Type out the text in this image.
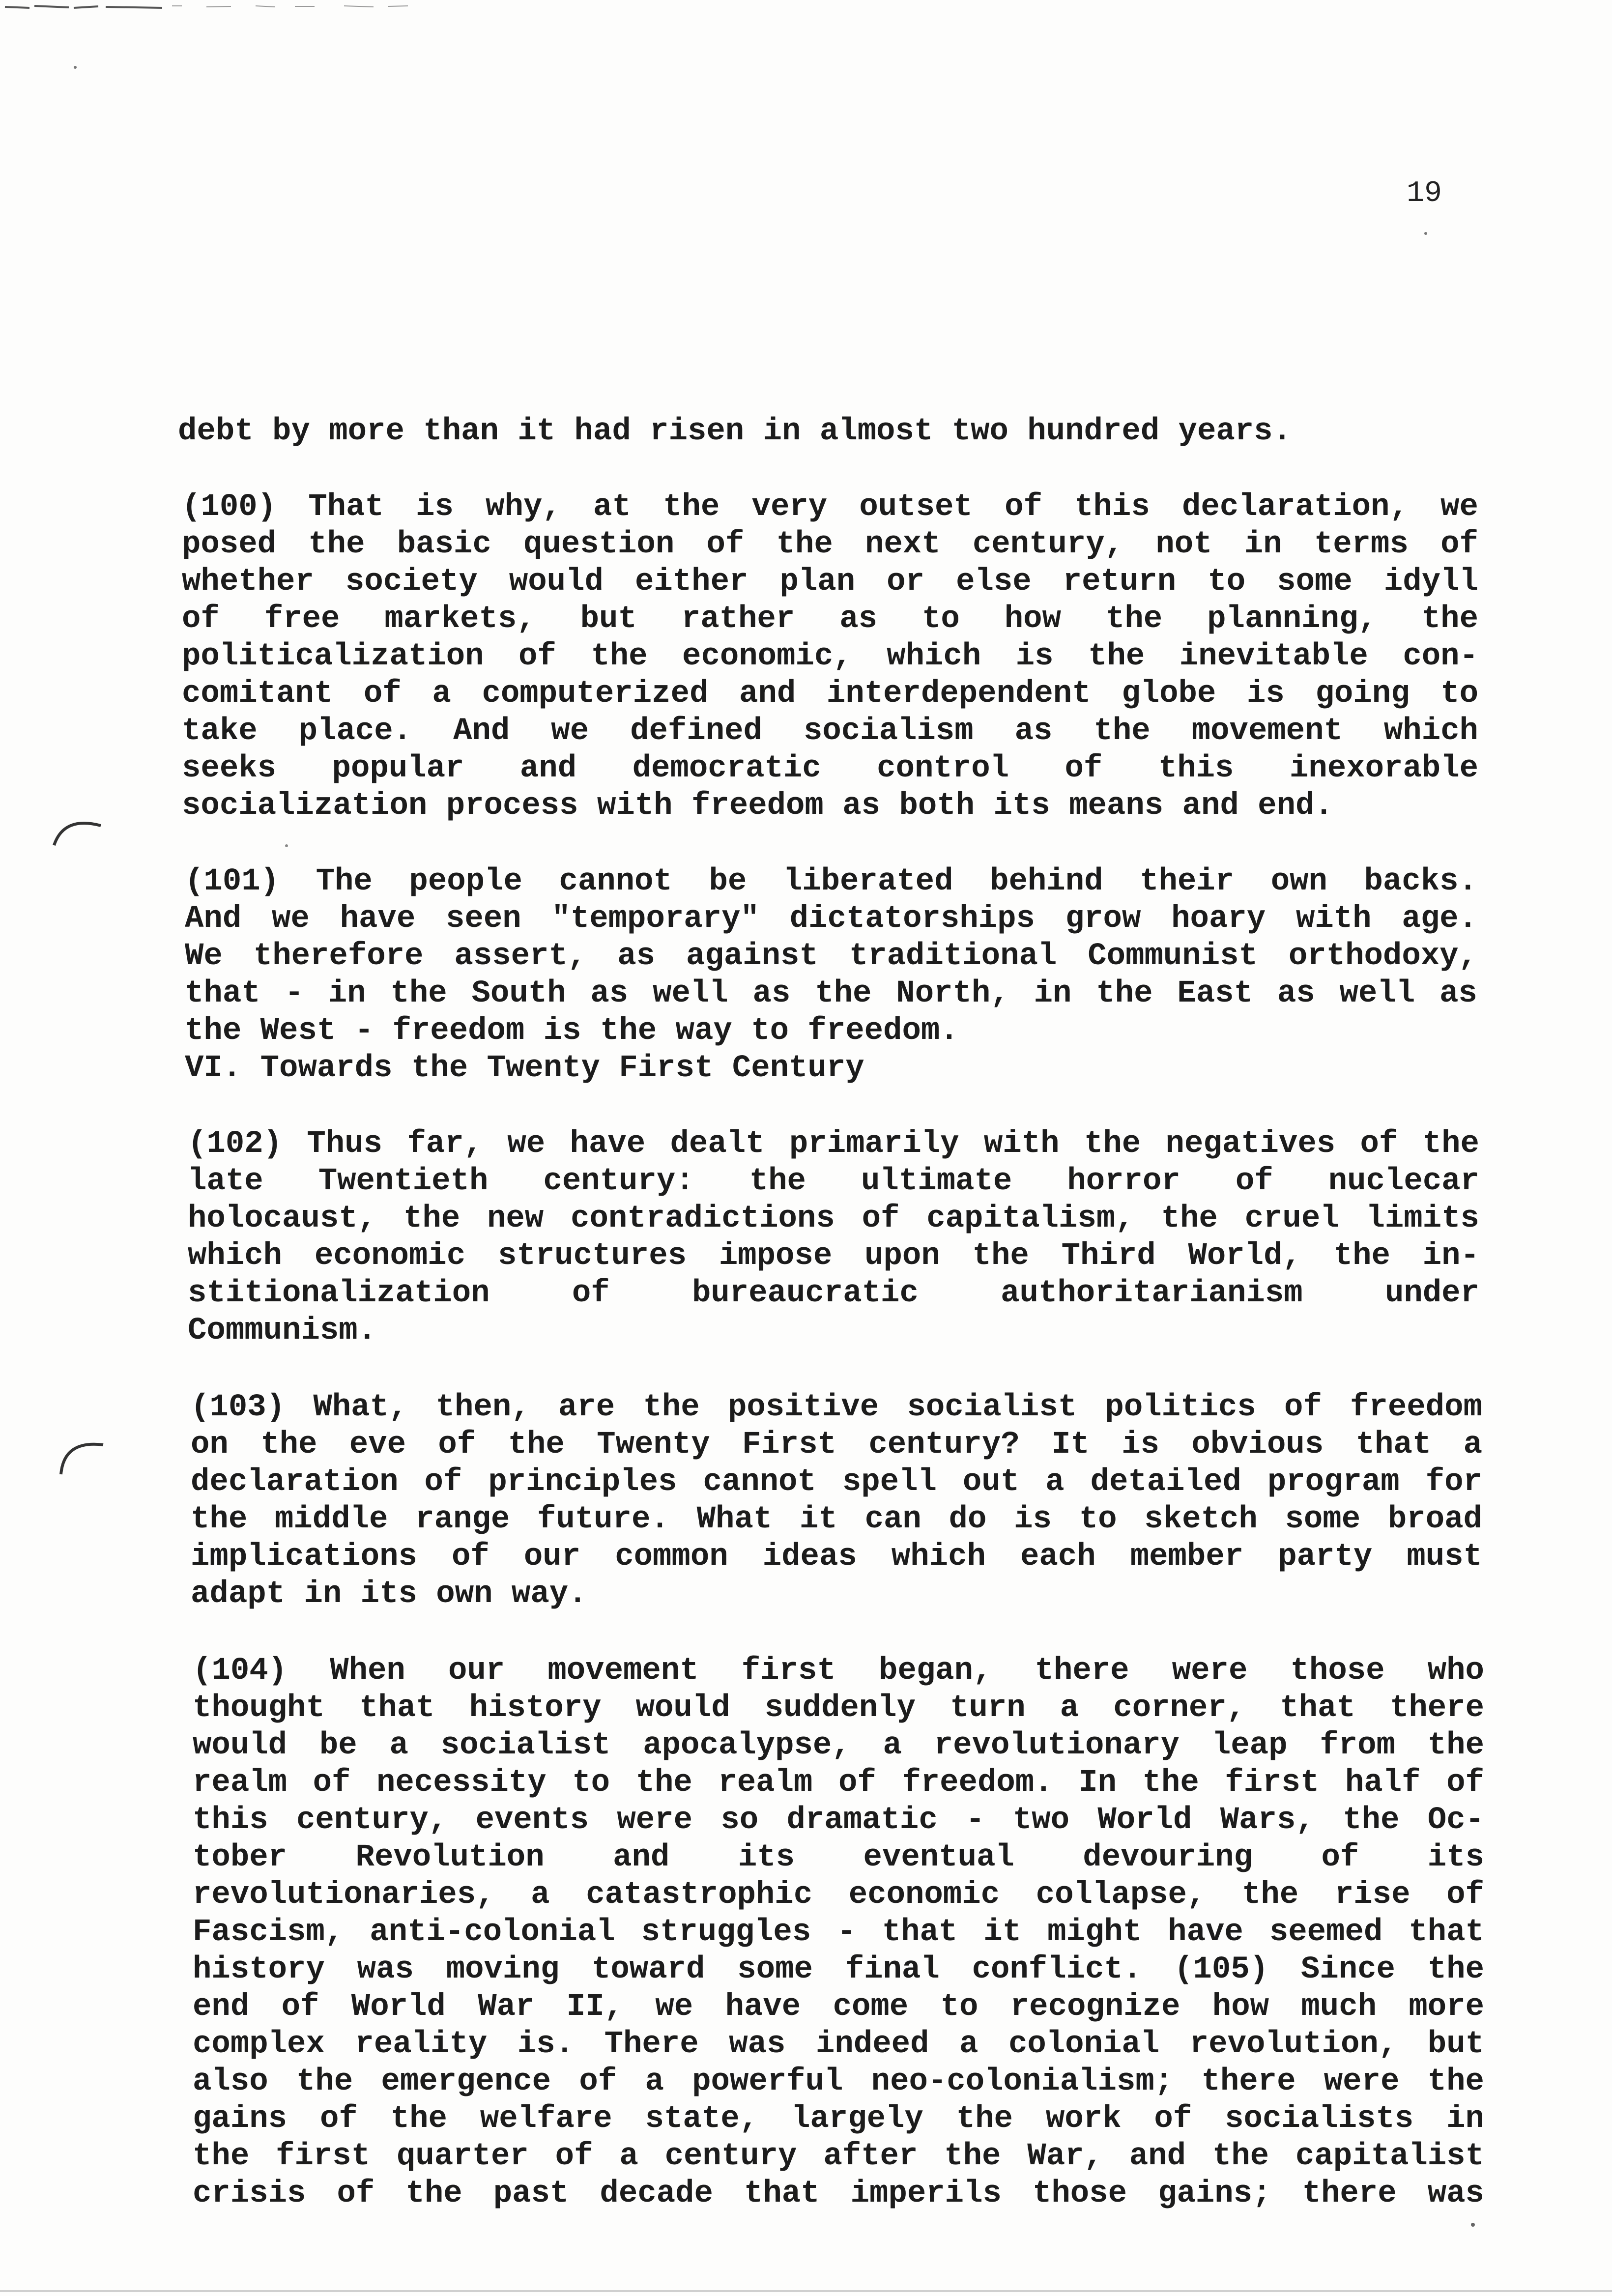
19
debt by more than it had risen in almost two hundred years.
(100) That is why, at the very outset of this declaration, we
posed the basic question of the next century, not in terms of
whether society would either plan or else return to some idyll
of free markets, but rather as to how the planning, the
politicalization of the economic, which is the inevitable con-
comitant of a computerized and interdependent globe is going to
take place. And we defined socialism as the movement which
seeks popular and democratic control of this inexorable
socialization process with freedom as both its means and end.
(101) The people cannot be liberated behind their own backs.
And we have seen "temporary" dictatorships grow hoary with age.
We therefore assert, as against traditional Communist orthodoxy,
that - in the South as well as the North, in the East as well as
the West - freedom is the way to freedom.
VI. Towards the Twenty First Century
(102) Thus far, we have dealt primarily with the negatives of the
late Twentieth century: the ultimate horror of nuclecar
holocaust, the new contradictions of capitalism, the cruel limits
which economic structures impose upon the Third World, the in-
stitionalization	of	bureaucratic	authoritarianism	under
Communism.
(103) What, then, are the positive socialist politics of freedom
on the eve of the Twenty First century? It is obvious that a
declaration of principles cannot spell out a detailed program for
the middle range future. What it can do is to sketch some broad
implications of our common ideas which each member party must
adapt in its own way.
(104) When our movement first began, there were those who
thought that history would suddenly turn a corner, that there
would be a socialist apocalypse, a revolutionary leap from the
realm of necessity to the realm of freedom. In the first half of
this century, events were so dramatic - two World Wars, the Oc-
tober Revolution and its eventual devouring of its
revolutionaries, a catastrophic economic collapse, the rise of
Fascism, anti-colonial struggles - that it might have seemed that
history was moving toward some final conflict. (105) Since the
end of World War II, we have come to recognize how much more
complex reality is. There was indeed a colonial revolution, but
also the emergence of a powerful neo-colonialism; there were the
gains of the welfare state, largely the work of socialists in
the first quarter of a century after the War, and the capitalist
crisis of the past decade that imperils those gains; there was
